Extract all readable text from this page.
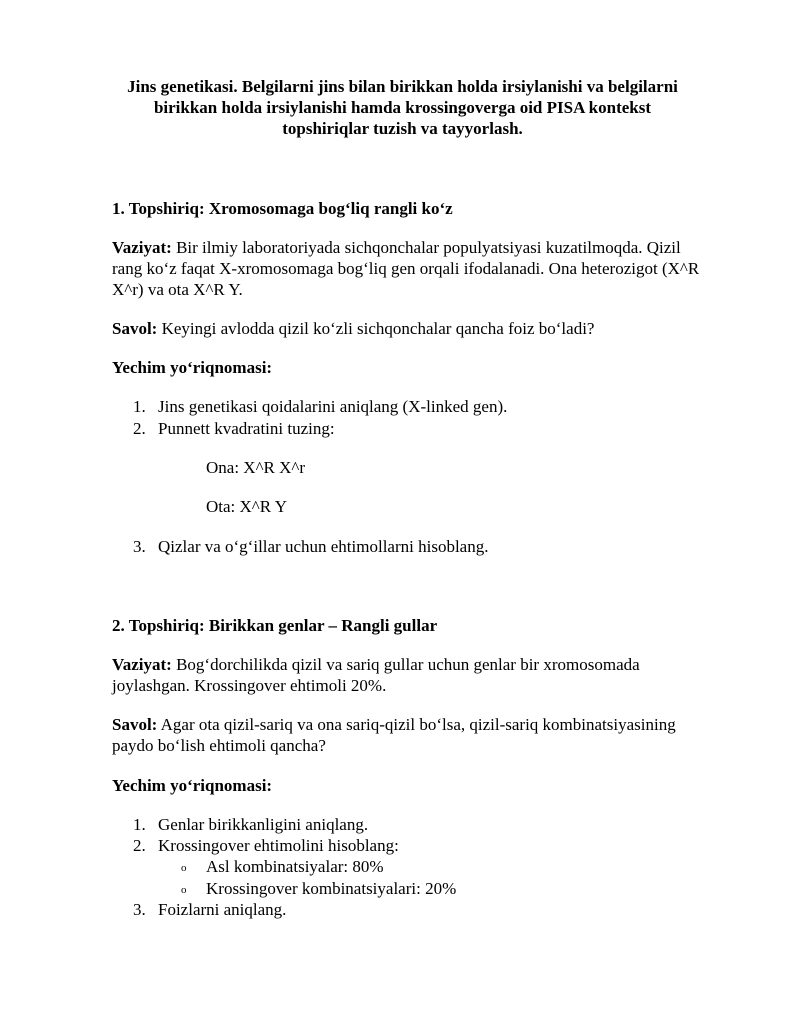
Jins genetikasi. Belgilarni jins bilan birikkan holda irsiylanishi va belgilarni birikkan holda irsiylanishi hamda krossingoverga oid PISA kontekst topshiriqlar tuzish va tayyorlash.
1. Topshiriq: Xromosomaga bog‘liq rangli ko‘z
Vaziyat: Bir ilmiy laboratoriyada sichqonchalar populyatsiyasi kuzatilmoqda. Qizil rang ko‘z faqat X-xromosomaga bog‘liq gen orqali ifodalanadi. Ona heterozigot (X^R X^r) va ota X^R Y.
Savol: Keyingi avlodda qizil ko‘zli sichqonchalar qancha foiz bo‘ladi?
Yechim yo‘riqnomasi:
1. Jins genetikasi qoidalarini aniqlang (X-linked gen).
2. Punnett kvadratini tuzing:
Ona: X^R X^r
Ota: X^R Y
3. Qizlar va o‘g‘illar uchun ehtimollarni hisoblang.
2. Topshiriq: Birikkan genlar – Rangli gullar
Vaziyat: Bog‘dorchilikda qizil va sariq gullar uchun genlar bir xromosomada joylashgan. Krossingover ehtimoli 20%.
Savol: Agar ota qizil-sariq va ona sariq-qizil bo‘lsa, qizil-sariq kombinatsiyasining paydo bo‘lish ehtimoli qancha?
Yechim yo‘riqnomasi:
1. Genlar birikkanligini aniqlang.
2. Krossingover ehtimolini hisoblang:
o Asl kombinatsiyalar: 80%
o Krossingover kombinatsiyalari: 20%
3. Foizlarni aniqlang.
